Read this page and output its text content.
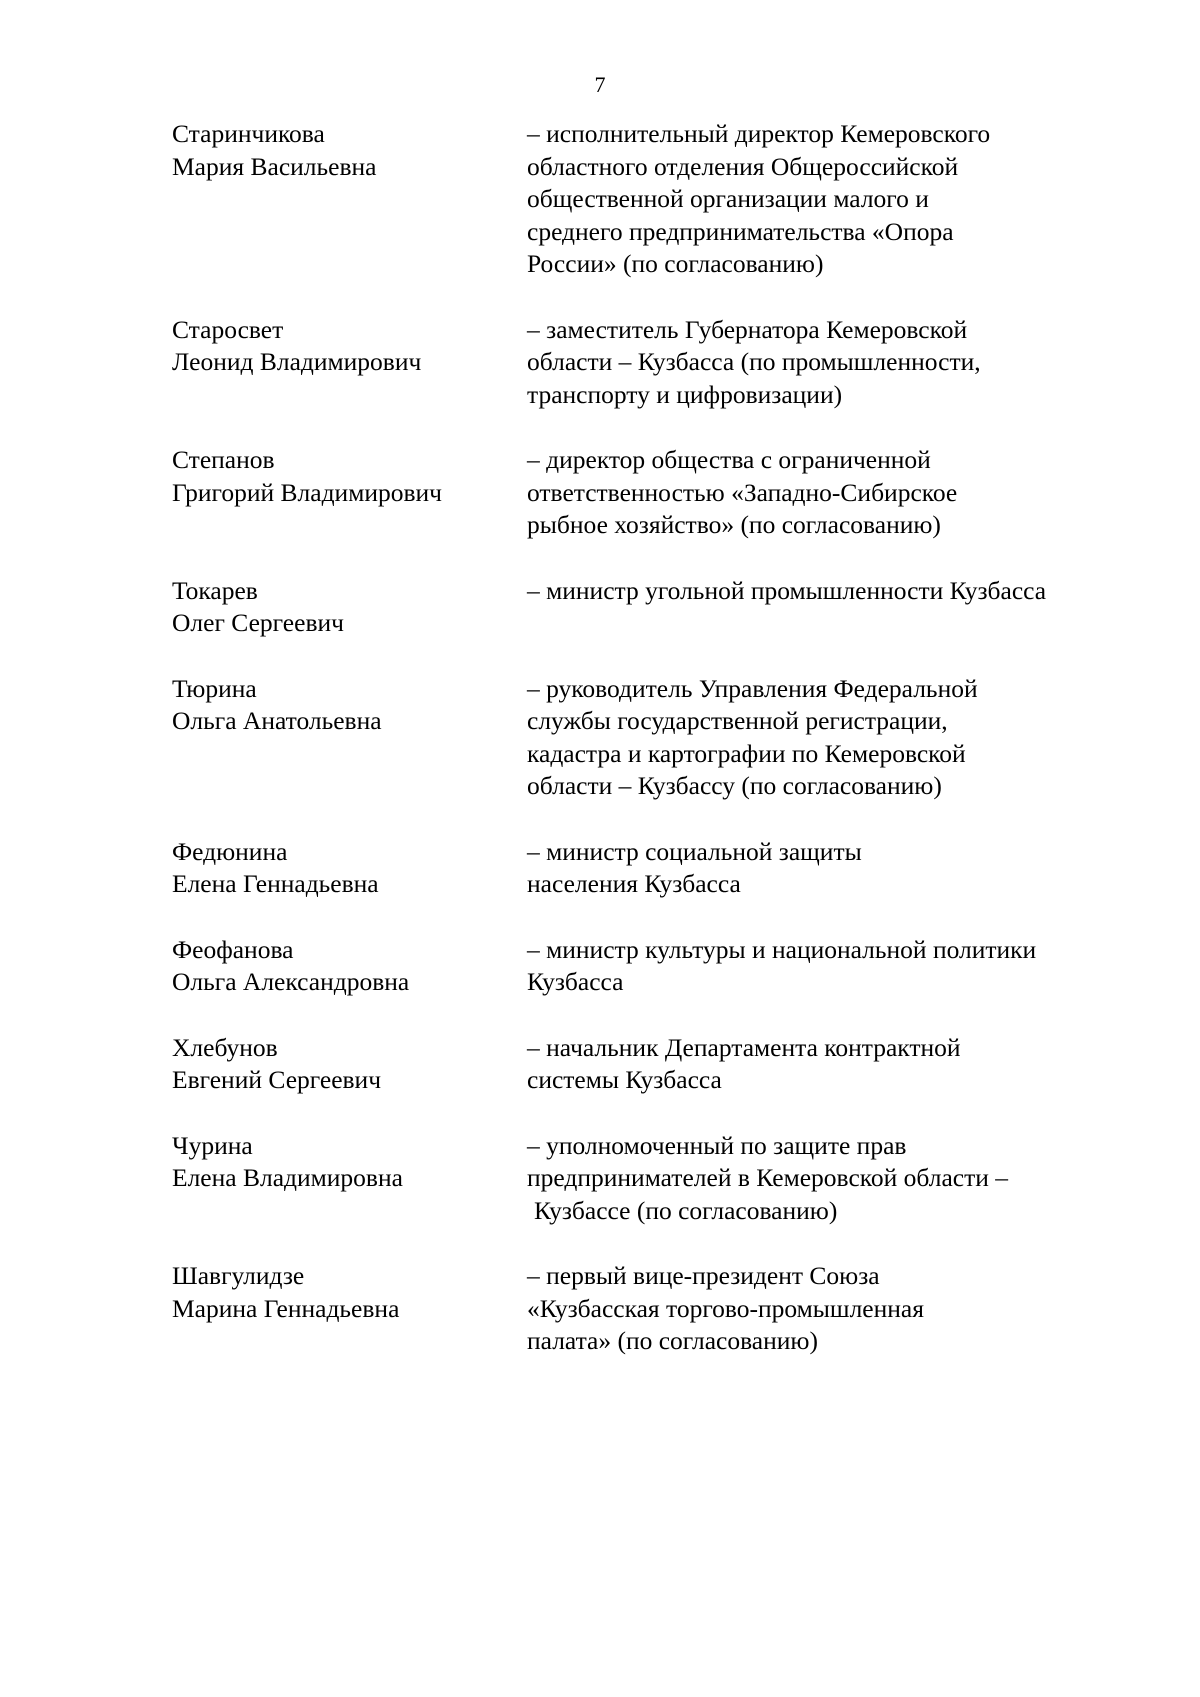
7
Старинчикова
Мария Васильевна
– исполнительный директор Кемеровского
областного отделения Общероссийской
общественной организации малого и
среднего предпринимательства «Опора
России» (по согласованию)
Старосвет
Леонид Владимирович
– заместитель Губернатора Кемеровской
области – Кузбасса (по промышленности,
транспорту и цифровизации)
Степанов
Григорий Владимирович
– директор общества с ограниченной
ответственностью «Западно-Сибирское
рыбное хозяйство» (по согласованию)
Токарев
Олег Сергеевич
– министр угольной промышленности Кузбасса
Тюрина
Ольга Анатольевна
– руководитель Управления Федеральной
службы государственной регистрации,
кадастра и картографии по Кемеровской
области – Кузбассу (по согласованию)
Федюнина
Елена Геннадьевна
– министр социальной защиты
населения Кузбасса
Феофанова
Ольга Александровна
– министр культуры и национальной политики
Кузбасса
Хлебунов
Евгений Сергеевич
– начальник Департамента контрактной
системы Кузбасса
Чурина
Елена Владимировна
– уполномоченный по защите прав
предпринимателей в Кемеровской области –
Кузбассе (по согласованию)
Шавгулидзе
Марина Геннадьевна
– первый вице-президент Союза
«Кузбасская торгово-промышленная
палата» (по согласованию)
